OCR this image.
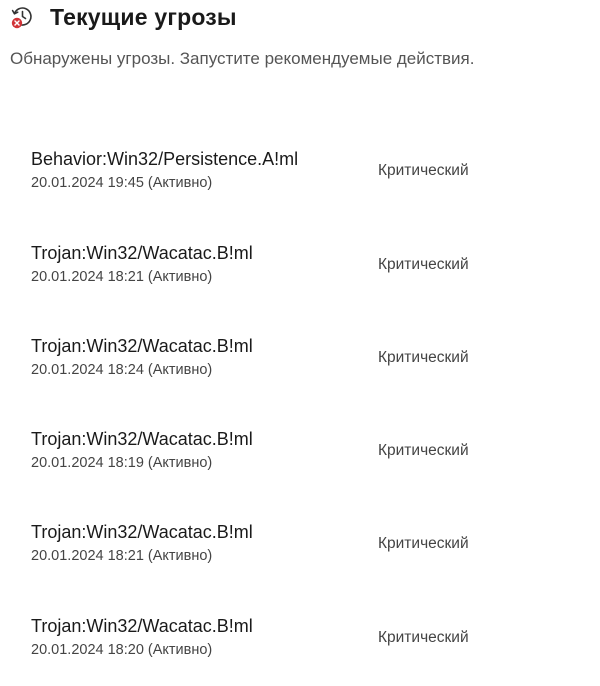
Текущие угрозы
Обнаружены угрозы. Запустите рекомендуемые действия.
Behavior:Win32/Persistence.A!ml
20.01.2024 19:45 (Активно)
Критический
Trojan:Win32/Wacatac.B!ml
20.01.2024 18:21 (Активно)
Критический
Trojan:Win32/Wacatac.B!ml
20.01.2024 18:24 (Активно)
Критический
Trojan:Win32/Wacatac.B!ml
20.01.2024 18:19 (Активно)
Критический
Trojan:Win32/Wacatac.B!ml
20.01.2024 18:21 (Активно)
Критический
Trojan:Win32/Wacatac.B!ml
20.01.2024 18:20 (Активно)
Критический
